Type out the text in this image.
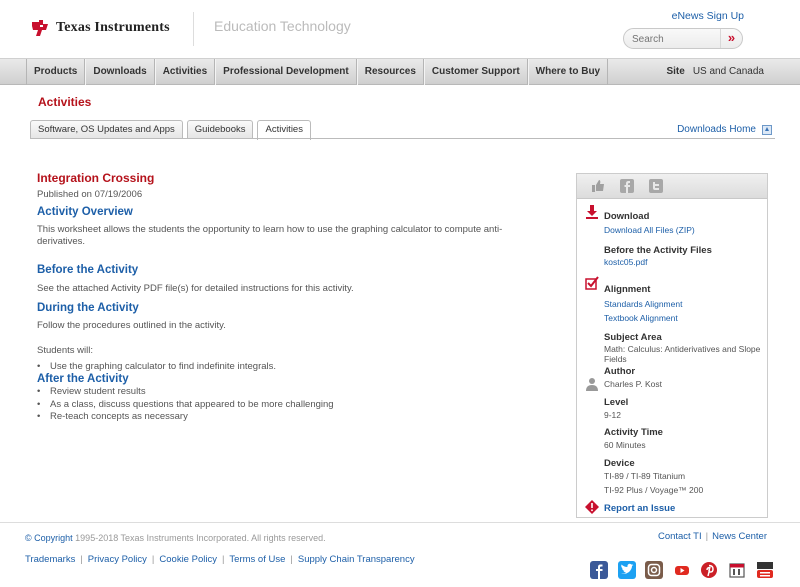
Texas Instruments	Education Technology
eNews Sign Up
Search
»
Products	Downloads	Activities	Professional Development	Resources	Customer Support	Where to Buy	Site US and Canada
Activities
Software, OS Updates and Apps	Guidebooks	Activities	Downloads Home
Integration Crossing
Published on 07/19/2006
Activity Overview

This worksheet allows the students the opportunity to learn how to use the graphing calculator to compute anti-derivatives.

Before the Activity

See the attached Activity PDF file(s) for detailed instructions for this activity.

During the Activity

Follow the procedures outlined in the activity.

Students will:

• Use the graphing calculator to find indefinite integrals.
After the Activity
• Review student results
• As a class, discuss questions that appeared to be more challenging
• Re-teach concepts as necessary
Download
Download All Files (ZIP)
Before the Activity Files
kostc05.pdf
Alignment
Standards Alignment
Textbook Alignment
Subject Area
Math: Calculus: Antiderivatives and Slope Fields
Author
Charles P. Kost
Level
9-12
Activity Time
60 Minutes
Device
TI-89 / TI-89 Titanium
TI-92 Plus / Voyage™ 200
Report an Issue
© Copyright 1995-2018 Texas Instruments Incorporated. All rights reserved.	Contact TI | News Center
Trademarks | Privacy Policy | Cookie Policy | Terms of Use | Supply Chain Transparency
